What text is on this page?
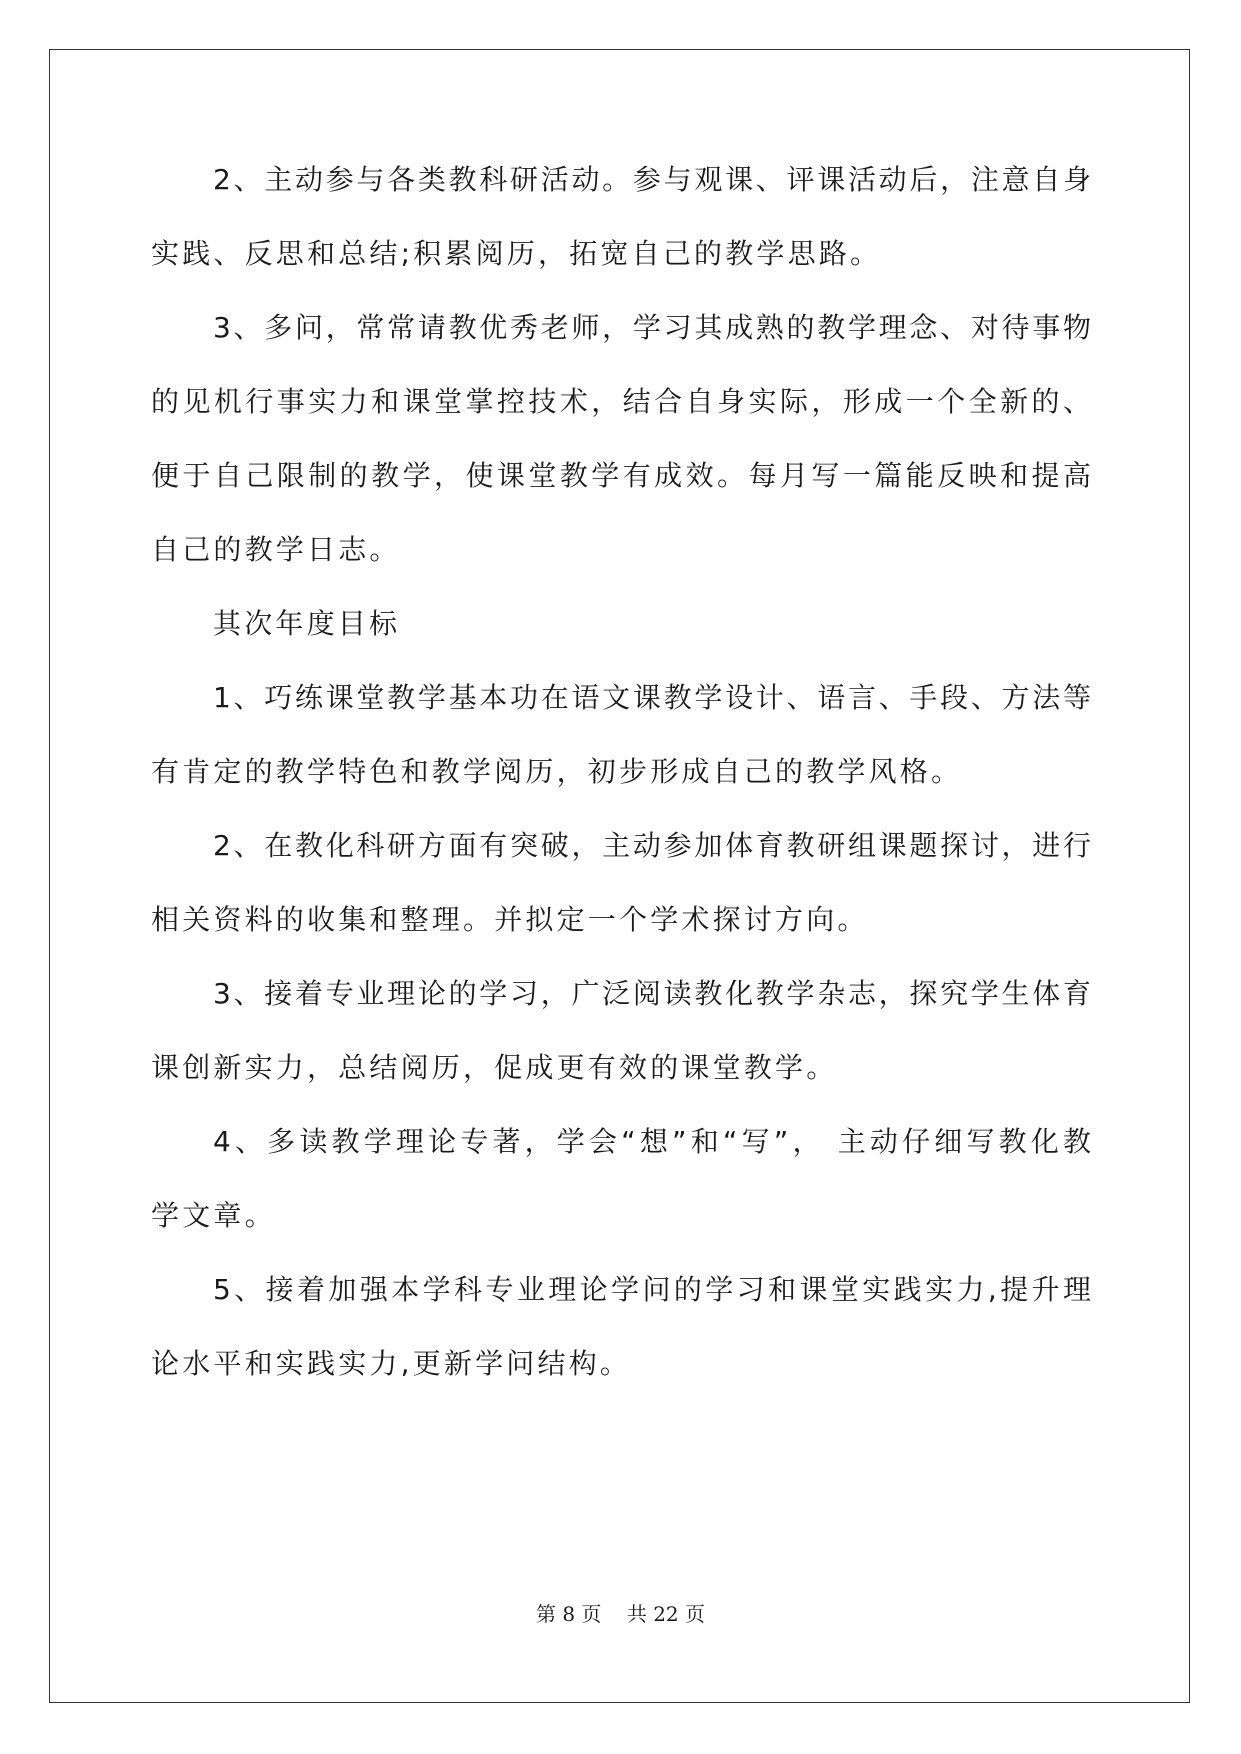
2、主动参与各类教科研活动。参与观课、评课活动后，注意自身
实践、反思和总结;积累阅历，拓宽自己的教学思路。
3、多问，常常请教优秀老师，学习其成熟的教学理念、对待事物
的见机行事实力和课堂掌控技术，结合自身实际，形成一个全新的、
便于自己限制的教学，使课堂教学有成效。每月写一篇能反映和提高
自己的教学日志。
其次年度目标
1、巧练课堂教学基本功在语文课教学设计、语言、手段、方法等
有肯定的教学特色和教学阅历，初步形成自己的教学风格。
2、在教化科研方面有突破，主动参加体育教研组课题探讨，进行
相关资料的收集和整理。并拟定一个学术探讨方向。
3、接着专业理论的学习，广泛阅读教化教学杂志，探究学生体育
课创新实力，总结阅历，促成更有效的课堂教学。
4、多读教学理论专著，学会“想”和“写”， 主动仔细写教化教
学文章。
5、接着加强本学科专业理论学问的学习和课堂实践实力,提升理
论水平和实践实力,更新学问结构。
第 8 页    共 22 页
